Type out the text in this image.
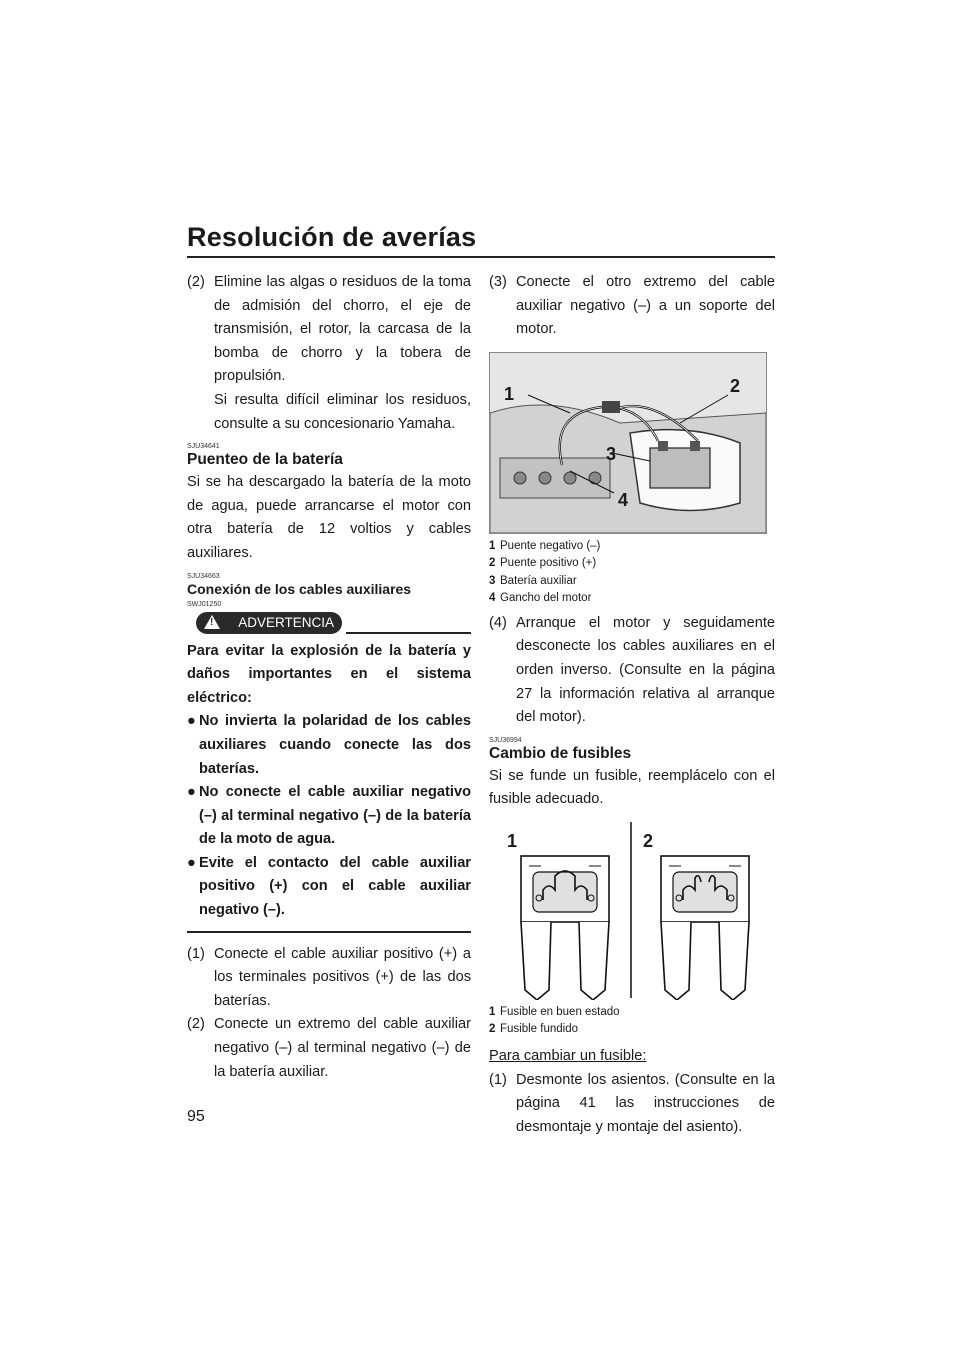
Resolución de averías
(2) Elimine las algas o residuos de la toma de admisión del chorro, el eje de transmisión, el rotor, la carcasa de la bomba de chorro y la tobera de propulsión.
Si resulta difícil eliminar los residuos, consulte a su concesionario Yamaha.
SJU34641
Puenteo de la batería
Si se ha descargado la batería de la moto de agua, puede arrancarse el motor con otra batería de 12 voltios y cables auxiliares.
SJU34663
Conexión de los cables auxiliares
SWJ01250
! ADVERTENCIA
Para evitar la explosión de la batería y daños importantes en el sistema eléctrico:
● No invierta la polaridad de los cables auxiliares cuando conecte las dos baterías.
● No conecte el cable auxiliar negativo (–) al terminal negativo (–) de la batería de la moto de agua.
● Evite el contacto del cable auxiliar positivo (+) con el cable auxiliar negativo (–).
(1) Conecte el cable auxiliar positivo (+) a los terminales positivos (+) de las dos baterías.
(2) Conecte un extremo del cable auxiliar negativo (–) al terminal negativo (–) de la batería auxiliar.
(3) Conecte el otro extremo del cable auxiliar negativo (–) a un soporte del motor.
1	2
3
4
1 Puente negativo (–)
2 Puente positivo (+)
3 Batería auxiliar
4 Gancho del motor
(4) Arranque el motor y seguidamente desconecte los cables auxiliares en el orden inverso. (Consulte en la página 27 la información relativa al arranque del motor).
SJU36994
Cambio de fusibles
Si se funde un fusible, reemplácelo con el fusible adecuado.
1	2
1 Fusible en buen estado
2 Fusible fundido
Para cambiar un fusible:
(1) Desmonte los asientos. (Consulte en la página 41 las instrucciones de desmontaje y montaje del asiento).
95
